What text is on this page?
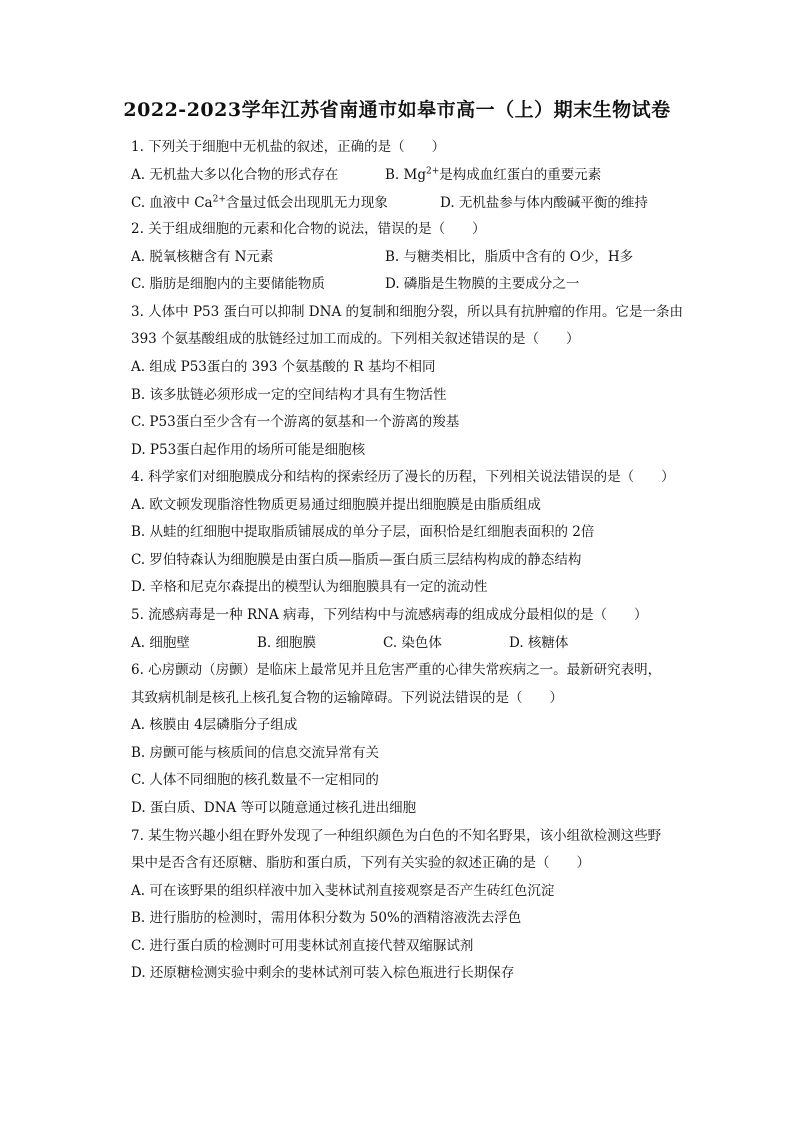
2022-2023学年江苏省南通市如皋市高一（上）期末生物试卷
1. 下列关于细胞中无机盐的叙述，正确的是（　　）
A. 无机盐大多以化合物的形式存在	B. $Mg^{2+}$是构成血红蛋白的重要元素
C. 血液中 $Ca^{2+}$含量过低会出现肌无力现象	D. 无机盐参与体内酸碱平衡的维持
2. 关于组成细胞的元素和化合物的说法，错误的是（　　）
A. 脱氧核糖含有 N元素	B. 与糖类相比，脂质中含有的 O少，H多
C. 脂肪是细胞内的主要储能物质	D. 磷脂是生物膜的主要成分之一
3. 人体中 P53 蛋白可以抑制 DNA 的复制和细胞分裂，所以具有抗肿瘤的作用。它是一条由
393 个氨基酸组成的肽链经过加工而成的。下列相关叙述错误的是（　　）
A. 组成 P53蛋白的 393 个氨基酸的 R 基均不相同
B. 该多肽链必须形成一定的空间结构才具有生物活性
C. P53蛋白至少含有一个游离的氨基和一个游离的羧基
D. P53蛋白起作用的场所可能是细胞核
4. 科学家们对细胞膜成分和结构的探索经历了漫长的历程，下列相关说法错误的是（　　）
A. 欧文顿发现脂溶性物质更易通过细胞膜并提出细胞膜是由脂质组成
B. 从蛙的红细胞中提取脂质铺展成的单分子层，面积恰是红细胞表面积的 2倍
C. 罗伯特森认为细胞膜是由蛋白质—脂质—蛋白质三层结构构成的静态结构
D. 辛格和尼克尔森提出的模型认为细胞膜具有一定的流动性
5. 流感病毒是一种 RNA 病毒，下列结构中与流感病毒的组成成分最相似的是（　　）
A. 细胞壁	B. 细胞膜	C. 染色体	D. 核糖体
6. 心房颤动（房颤）是临床上最常见并且危害严重的心律失常疾病之一。最新研究表明，
其致病机制是核孔上核孔复合物的运输障碍。下列说法错误的是（　　）
A. 核膜由 4层磷脂分子组成
B. 房颤可能与核质间的信息交流异常有关
C. 人体不同细胞的核孔数量不一定相同的
D. 蛋白质、DNA 等可以随意通过核孔进出细胞
7. 某生物兴趣小组在野外发现了一种组织颜色为白色的不知名野果，该小组欲检测这些野
果中是否含有还原糖、脂肪和蛋白质，下列有关实验的叙述正确的是（　　）
A. 可在该野果的组织样液中加入斐林试剂直接观察是否产生砖红色沉淀
B. 进行脂肪的检测时，需用体积分数为 50%的酒精溶液洗去浮色
C. 进行蛋白质的检测时可用斐林试剂直接代替双缩脲试剂
D. 还原糖检测实验中剩余的斐林试剂可装入棕色瓶进行长期保存
